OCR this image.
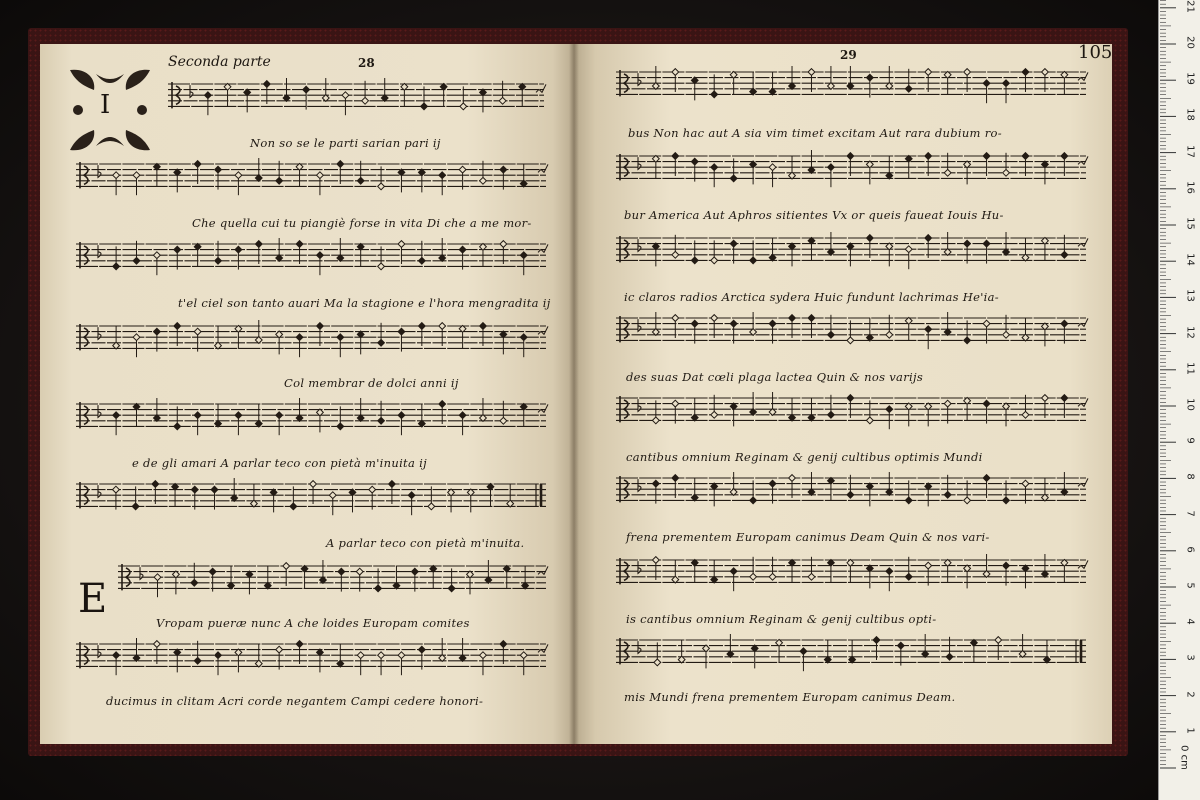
Seconda parte	28
I
E
Non so se le parti sarian pari ij
Che quella cui tu piangiè forse in vita Di che a me mor-
t'el ciel son tanto auari Ma la stagione e l'hora mengradita ij
Col membrar de dolci anni ij
e de gli amari A parlar teco con pietà m'inuita ij
A parlar teco con pietà m'inuita.
Vropam pueræ nunc A che loides Europam comites
ducimus in clitam Acri corde negantem Campi cedere honori-
29	105
bus Non hac aut A sia vim timet excitam Aut rara dubium ro-
bur America Aut Aphros sitientes Vx or queis faueat Iouis Hu-
ic claros radios Arctica sydera Huic fundunt lachrimas He'ia-
des suas Dat cœli plaga lactea Quin & nos varijs
cantibus omnium Reginam & genij cultibus optimis Mundi
frena prementem Europam canimus Deam Quin & nos vari-
is cantibus omnium Reginam & genij cultibus opti-
mis Mundi frena prementem Europam canimus Deam.
1
2
3
4
5
6
7
8
9
10
11
12
13
14
15
16
17
18
19
20
21
0 cm
